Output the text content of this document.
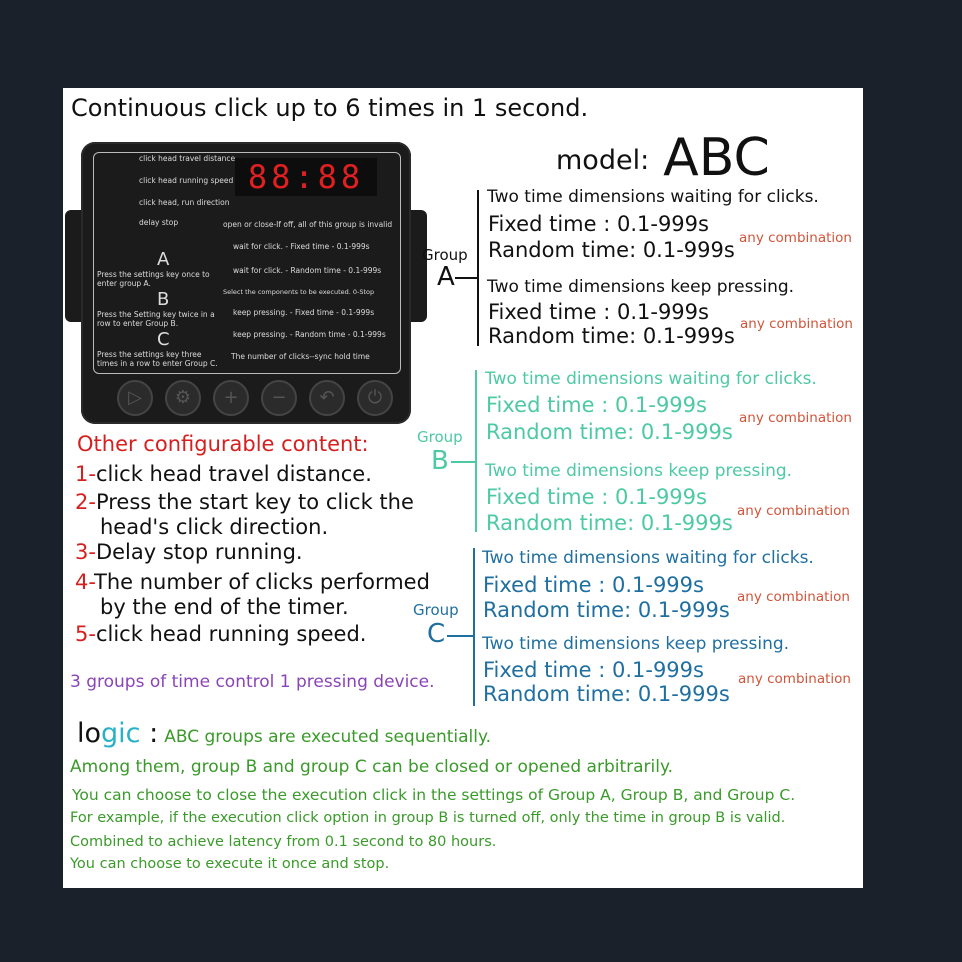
Continuous click up to 6 times in 1 second.
model: ABC
88:88
click head travel distance
click head running speed
click head, run direction
delay stop	open or close-If off, all of this group is invalid
wait for click. - Fixed time - 0.1-999s
wait for click. - Random time - 0.1-999s
Select the components to be executed. 0-Stop
keep pressing. - Fixed time - 0.1-999s
keep pressing. - Random time - 0.1-999s
The number of clicks--sync hold time
A
Press the settings key once to enter group A.
B
Press the Setting key twice in a row to enter Group B.
C
Press the settings key three times in a row to enter Group C.
▷	⚙	+	−	↶	⏻
Other configurable content:
1-click head travel distance.
2-Press the start key to click the
head's click direction.
3-Delay stop running.
4-The number of clicks performed
by the end of the timer.
5-click head running speed.
3 groups of time control 1 pressing device.
Group
A
Two time dimensions waiting for clicks.
Fixed time : 0.1-999s
Random time: 0.1-999s any combination
Two time dimensions keep pressing.
Fixed time : 0.1-999s
Random time: 0.1-999s any combination
Group
B
Two time dimensions waiting for clicks.
Fixed time : 0.1-999s
Random time: 0.1-999s
any combination
Two time dimensions keep pressing.
Fixed time : 0.1-999s
Random time: 0.1-999s any combination
Group
C
Two time dimensions waiting for clicks.
Fixed time : 0.1-999s
Random time: 0.1-999s
any combination
Two time dimensions keep pressing.
Fixed time : 0.1-999s
Random time: 0.1-999s
any combination
logic : ABC groups are executed sequentially.
Among them, group B and group C can be closed or opened arbitrarily.
You can choose to close the execution click in the settings of Group A, Group B, and Group C.
For example, if the execution click option in group B is turned off, only the time in group B is valid.
Combined to achieve latency from 0.1 second to 80 hours.
You can choose to execute it once and stop.
